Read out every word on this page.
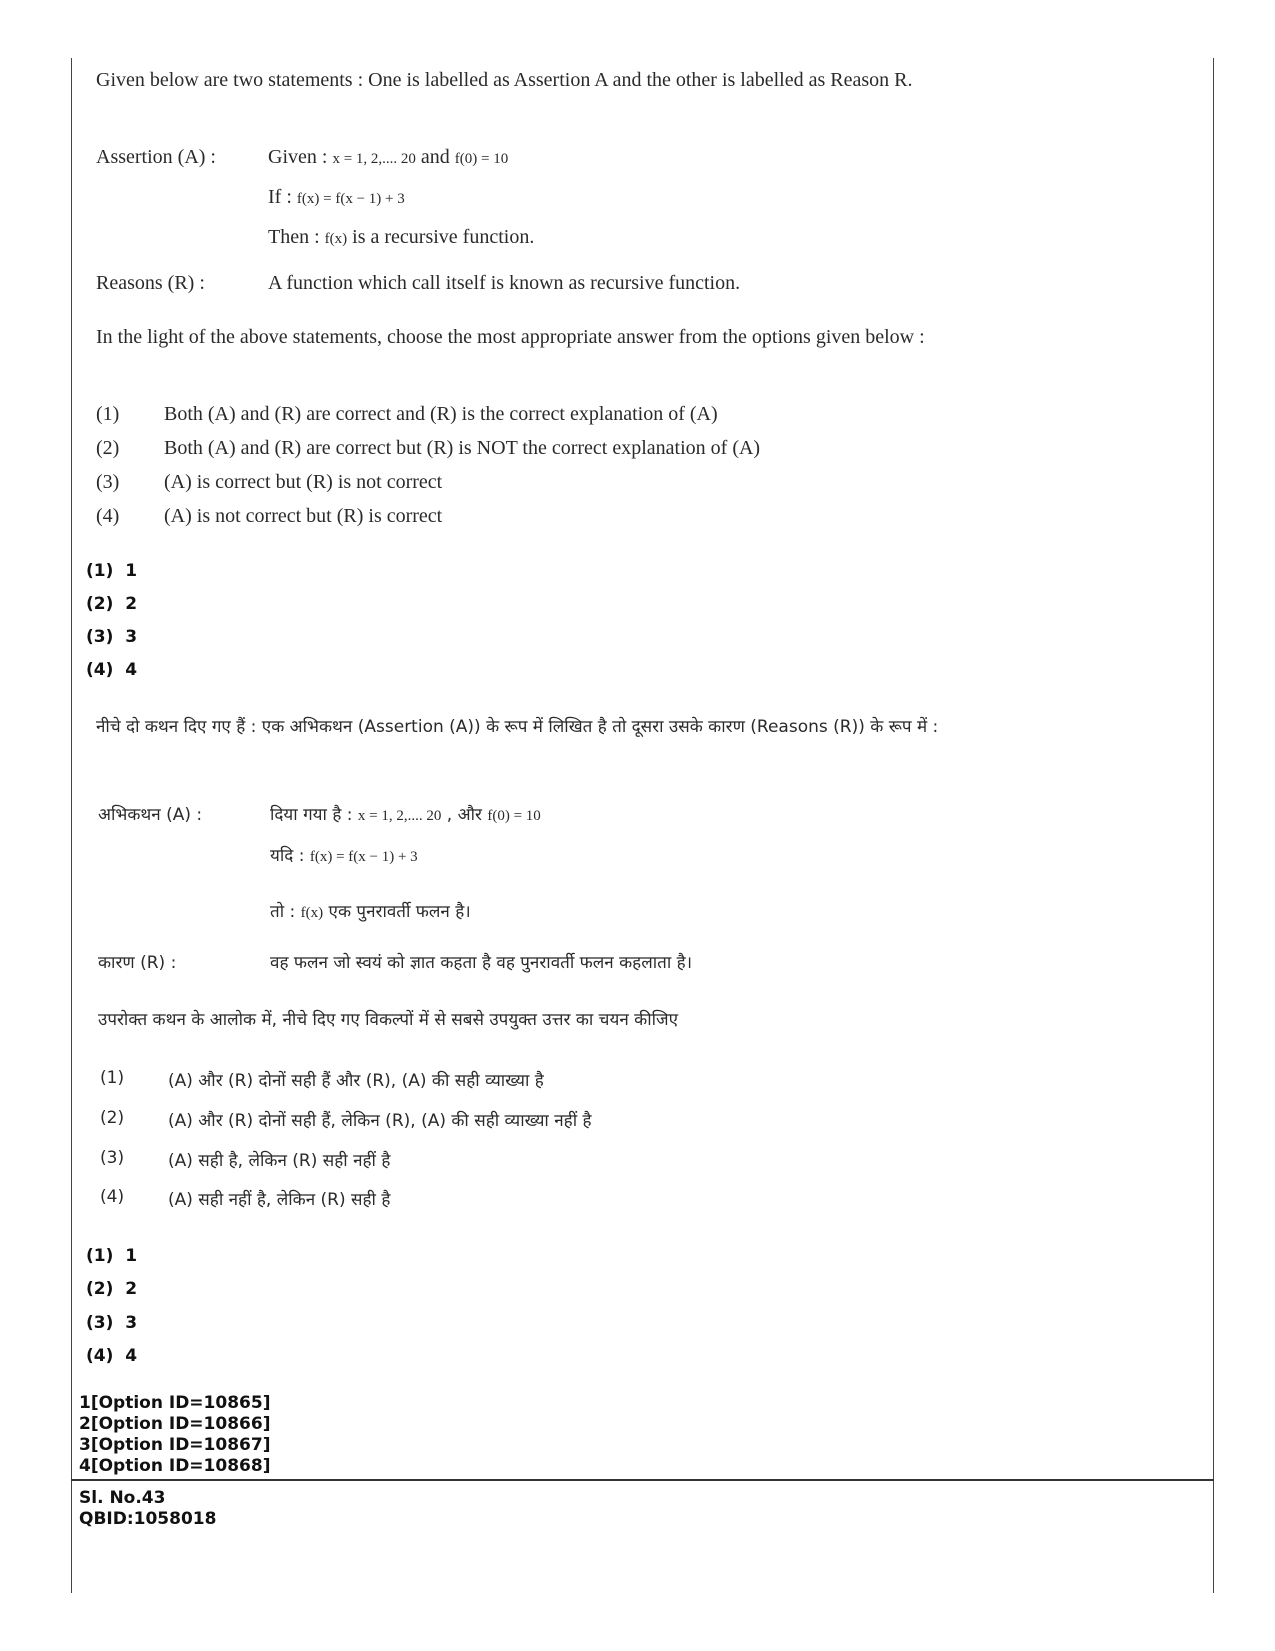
Given below are two statements : One is labelled as Assertion A and the other is labelled as Reason R.
Assertion (A) :	Given : x = 1, 2,.... 20 and f(0) = 10
If : f(x) = f(x − 1) + 3
Then : f(x) is a recursive function.
Reasons (R) :	A function which call itself is known as recursive function.
In the light of the above statements, choose the most appropriate answer from the options given below :
(1) Both (A) and (R) are correct and (R) is the correct explanation of (A)
(2) Both (A) and (R) are correct but (R) is NOT the correct explanation of (A)
(3) (A) is correct but (R) is not correct
(4) (A) is not correct but (R) is correct
(1)  1
(2)  2
(3)  3
(4)  4
नीचे दो कथन दिए गए हैं : एक अभिकथन (Assertion (A)) के रूप में लिखित है तो दूसरा उसके कारण (Reasons (R)) के रूप में :
अभिकथन (A) :	दिया गया है : x = 1, 2,.... 20 , और f(0) = 10
यदि : f(x) = f(x − 1) + 3
तो : f(x) एक पुनरावर्ती फलन है।
कारण (R) :	वह फलन जो स्वयं को ज्ञात कहता है वह पुनरावर्ती फलन कहलाता है।
उपरोक्त कथन के आलोक में, नीचे दिए गए विकल्पों में से सबसे उपयुक्त उत्तर का चयन कीजिए
(1)	(A) और (R) दोनों सही हैं और (R), (A) की सही व्याख्या है
(2)	(A) और (R) दोनों सही हैं, लेकिन (R), (A) की सही व्याख्या नहीं है
(3)	(A) सही है, लेकिन (R) सही नहीं है
(4)	(A) सही नहीं है, लेकिन (R) सही है
(1)  1
(2)  2
(3)  3
(4)  4
1[Option ID=10865]
2[Option ID=10866]
3[Option ID=10867]
4[Option ID=10868]
Sl. No.43
QBID:1058018
